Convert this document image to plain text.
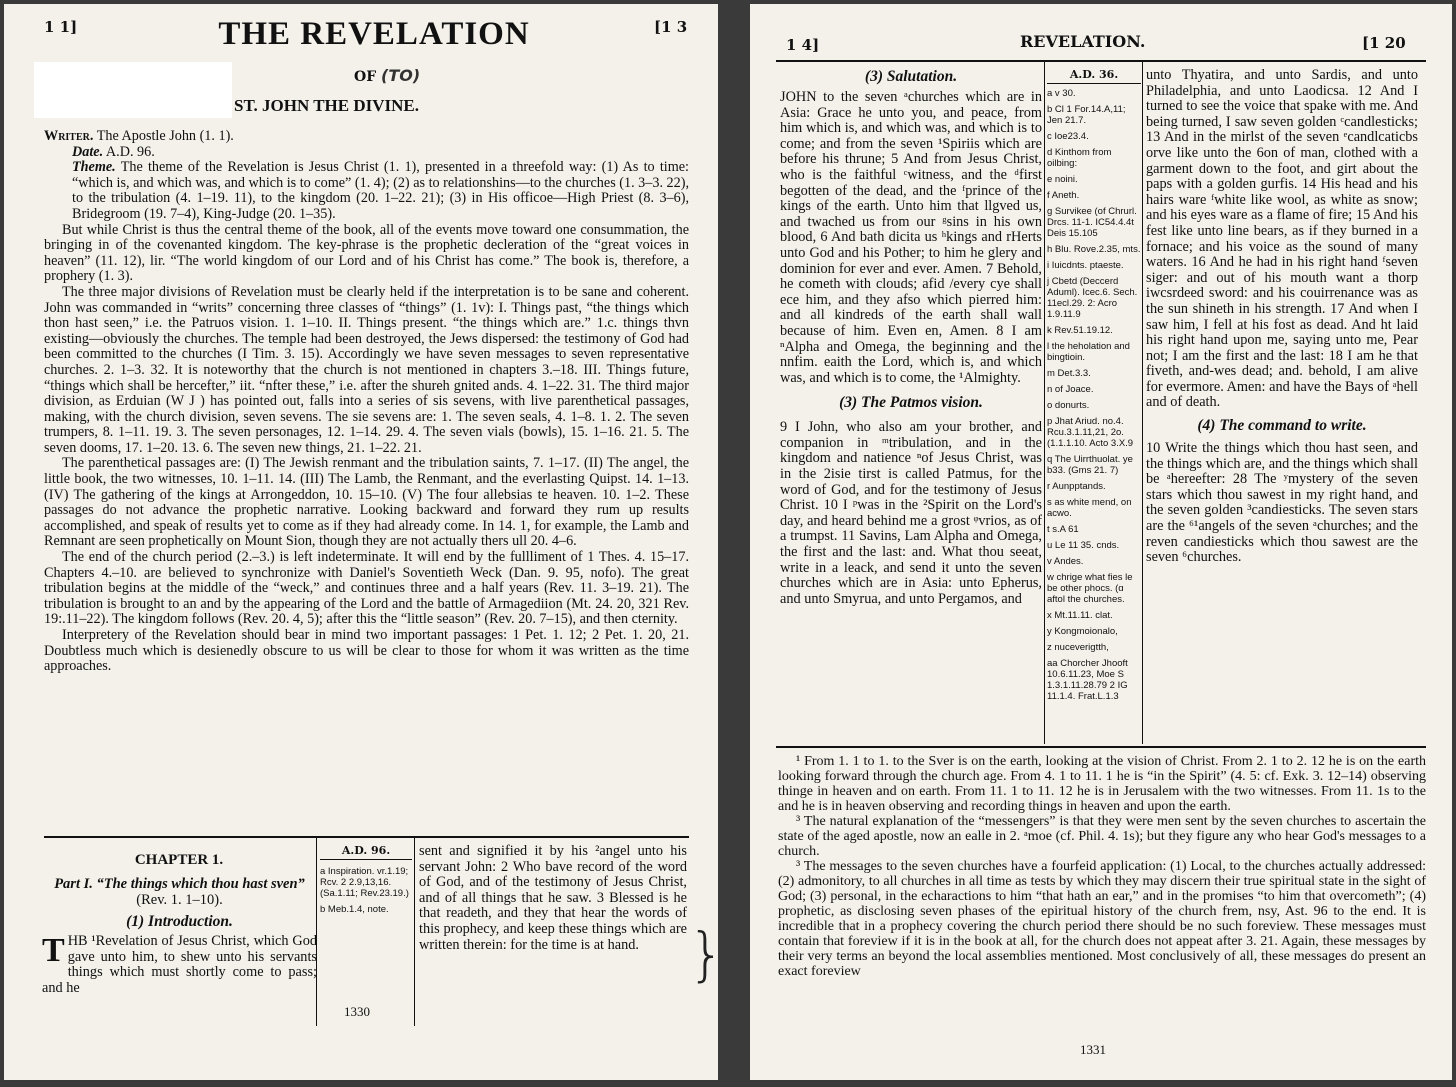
1 1]	[1 3
THE REVELATION
OF (TO)
ST. JOHN THE DIVINE.

Writer. The Apostle John (1. 1).

Date. A.D. 96.

Theme. The theme of the Revelation is Jesus Christ (1. 1), presented in a threefold way: (1) As to time: “which is, and which was, and which is to come” (1. 4); (2) as to relationshins—to the churches (1. 3–3. 22), to the tribulation (4. 1–19. 11), to the kingdom (20. 1–22. 21); (3) in His officoe—High Priest (8. 3–6), Bridegroom (19. 7–4), King-Judge (20. 1–35).

But while Christ is thus the central theme of the book, all of the events move toward one consummation, the bringing in of the covenanted kingdom. The key-phrase is the prophetic decleration of the “great voices in heaven” (11. 12), lir. “The world kingdom of our Lord and of his Christ has come.” The book is, therefore, a prophery (1. 3).

The three major divisions of Revelation must be clearly held if the interpretation is to be sane and coherent. John was commanded in “writs” concerning three classes of “things” (1. 1v): I. Things past, “the things which thon hast seen,” i.e. the Patruos vision. 1. 1–10. II. Things present. “the things which are.” 1.c. things thvn existing—obviously the churches. The temple had been destroyed, the Jews dispersed: the testimony of God had been committed to the churches (I Tim. 3. 15). Accordingly we have seven messages to seven representative churches. 2. 1–3. 32. It is noteworthy that the church is not mentioned in chapters 3.–18. III. Things future, “things which shall be hercefter,” iit. “nfter these,” i.e. after the shureh gnited ands. 4. 1–22. 31. The third major division, as Erduian (W J ) has pointed out, falls into a series of sis sevens, with live parenthetical passages, making, with the church division, seven sevens. The sie sevens are: 1. The seven seals, 4. 1–8. 1. 2. The seven trumpers, 8. 1–11. 19. 3. The seven personages, 12. 1–14. 29. 4. The seven vials (bowls), 15. 1–16. 21. 5. The seven dooms, 17. 1–20. 13. 6. The seven new things, 21. 1–22. 21.

The parenthetical passages are: (I) The Jewish renmant and the tribulation saints, 7. 1–17. (II) The angel, the little book, the two witnesses, 10. 1–11. 14. (III) The Lamb, the Renmant, and the everlasting Quipst. 14. 1–13. (IV) The gathering of the kings at Arrongeddon, 10. 15–10. (V) The four allebsias te heaven. 10. 1–2. These passages do not advance the prophetic narrative. Looking backward and forward they rum up results accomplished, and speak of results yet to come as if they had already come. In 14. 1, for example, the Lamb and Remnant are seen prophetically on Mount Sion, though they are not actually thers ull 20. 4–6.

The end of the church period (2.–3.) is left indeterminate. It will end by the fullliment of 1 Thes. 4. 15–17. Chapters 4.–10. are believed to synchronize with Daniel's Soventieth Weck (Dan. 9. 95, nofo). The great tribulation begins at the middle of the “weck,” and continues three and a half years (Rev. 11. 3–19. 21). The tribulation is brought to an and by the appearing of the Lord and the battle of Armagediion (Mt. 24. 20, 321 Rev. 19:.11–22). The kingdom follows (Rev. 20. 4, 5); after this the “little season” (Rev. 20. 7–15), and then cternity.

Interpretery of the Revelation should bear in mind two important passages: 1 Pet. 1. 12; 2 Pet. 1. 20, 21. Doubtless much which is desienedly obscure to us will be clear to those for whom it was written as the time approaches.

CHAPTER 1.
Part I. “The things which thou hast sven” (Rev. 1. 1–10).
(1) Introduction.
T HB ¹Revelation of Jesus Christ, which God gave unto him, to shew unto his servants things which must shortly come to pass; and he
A.D. 96.
a Inspiration. vr.1.19; Rcv. 2 2.9,13,16. (Sa.1.11; Rev.23.19.)
b Meb.1.4, note.
sent and signified it by his ²angel unto his servant John: 2 Who bave record of the word of God, and of the testimony of Jesus Christ, and of all things that he saw. 3 Blessed is he that readeth, and they that hear the words of this prophecy, and keep these things which are written therein: for the time is at hand. }
1330
1 4]	REVELATION.	[1 20
(3) Salutation.
JOHN to the seven ᵃchurches which are in Asia: Grace he unto you, and peace, from him which is, and which was, and which is to come; and from the seven ¹Spiriis which are before his thrune; 5 And from Jesus Christ, who is the faithful ᶜwitness, and the ᵈfirst begotten of the dead, and the ᶠprince of the kings of the earth. Unto him that llgved us, and twached us from our ᵍsins in his own blood, 6 And bath dicita us ʰkings and rHerts unto God and his Pother; to him he glery and dominion for ever and ever. Amen. 7 Behold, he cometh with clouds; afid /every cye shall ece him, and they afso which pierred him: and all kindreds of the earth shall wall because of him. Even en, Amen. 8 I am ⁿAlpha and Omega, the beginning and the nnfim. eaith the Lord, which is, and which was, and which is to come, the ¹Almighty.
(3) The Patmos vision.
9 I John, who also am your brother, and companion in ᵐtribulation, and in the kingdom and natience ⁿof Jesus Christ, was in the 2isie tirst is called Patmus, for the word of God, and for the testimony of Jesus Christ. 10 I ᵖwas in the ²Spirit on the Lord's day, and heard behind me a grost ᵠvrios, as of a trumpst. 11 Savins, Lam Alpha and Omega, the first and the last: and. What thou seeat, write in a leack, and send it unto the seven churches which are in Asia: unto Epherus, and unto Smyrua, and unto Pergamos, and
A.D. 36.
a v 30.
b Cl 1 For.14.A,11; Jen 21.7.
c Ioe23.4.
d Kinthom from oilbing:
e noini.
f Aneth.
g Survikee (of Chrurl. Drcs. 11-1. IC54.4.4t Deis 15.105
h Blu. Rove.2.35, mts.
i Iuicdnts. ptaeste.
j Cbetd (Deccerd Aduml). Icec.6. Sech. 11ecl.29. 2: Acro 1.9.11.9
k Rev.51.19.12.
l the heholation and bingtioin.
m Det.3.3.
n of Joace.
o donurts.
p Jhat Ariud. no.4. Rcu.3.1.11,21, 2o. (1.1.1.10. Acto 3.X.9
q The Uirrthuolat. ye b33. (Gms 21. 7)
r Aunpptands.
s as white mend, on acwo.
t s.A 61
u Le 11 35. cnds.
v Andes.
w chrige what fies le be other phocs. (ɑ aftol the churches.
x Mt.11.11. clat.
y Kongmoionalo,
z nuceverigtth,
aa Chorcher Jhooft 10.6.11.23, Moe S 1.3.1.11.28.79 2 IG 11.1.4. Frat.L.1.3
unto Thyatira, and unto Sardis, and unto Philadelphia, and unto Laodicsa. 12 And I turned to see the voice that spake with me. And being turned, I saw seven golden ᶜcandlesticks; 13 And in the mirlst of the seven ᵉcandlcaticbs orve like unto the 6on of man, clothed with a garment down to the foot, and girt about the paps with a golden gurfis. 14 His head and his hairs ware ᶠwhite like wool, as white as snow; and his eyes ware as a flame of fire; 15 And his fest like unto line bears, as if they burned in a fornace; and his voice as the sound of many waters. 16 And he had in his right hand ᶠseven siger: and out of his mouth want a thorp iwcsrdeed sword: and his couirrenance was as the sun shineth in his strength. 17 And when I saw him, I fell at his fost as dead. And ht laid his right hand upon me, saying unto me, Pear not; I am the first and the last: 18 I am he that fiveth, and-wes dead; and. behold, I am alive for evermore. Amen: and have the Bays of ᵃhell and of death.
(4) The command to write.
10 Write the things which thou hast seen, and the things which are, and the things which shall be ᵃhereefter: 28 The ʸmystery of the seven stars which thou sawest in my right hand, and the seven golden ³candiesticks. The seven stars are the ⁶¹angels of the seven ᵃchurches; and the reven candiesticks which thou sawest are the seven ⁶churches.

¹ From 1. 1 to 1. to the Sver is on the earth, looking at the vision of Christ. From 2. 1 to 2. 12 he is on the earth looking forward through the church age. From 4. 1 to 11. 1 he is “in the Spirit” (4. 5: cf. Exk. 3. 12–14) observing thinge in heaven and on earth. From 11. 1 to 11. 12 he is in Jerusalem with the two witnesses. From 11. 1s to the and he is in heaven observing and recording things in heaven and upon the earth.

³ The natural explanation of the “messengers” is that they were men sent by the seven churches to ascertain the state of the aged apostle, now an ealle in 2. ᵃmoe (cf. Phil. 4. 1s); but they figure any who hear God's messages to a church.

³ The messages to the seven churches have a fourfeid application: (1) Local, to the churches actually addressed: (2) admonitory, to all churches in all time as tests by which they may discern their true spiritual state in the sight of God; (3) personal, in the echaractions to him “that hath an ear,” and in the promises “to him that overcometh”; (4) prophetic, as disclosing seven phases of the epiritual history of the church frem, nsy, Ast. 96 to the end. It is incredible that in a prophecy covering the church period there should be no such foreview. These messages must contain that foreview if it is in the book at all, for the church does not appeat after 3. 21. Again, these messages by their very terms an beyond the local assemblies mentioned. Most conclusively of all, these messages do present an exact foreview

1331
